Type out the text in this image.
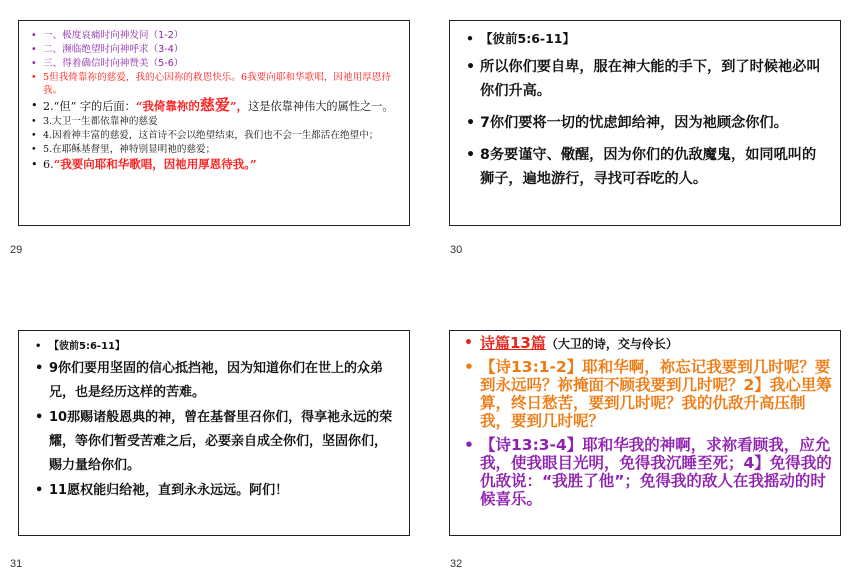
• 一、极度哀痛时向神发问（1-2）
• 二、濒临绝望时向神呼求（3-4）
• 三、得着确信时向神赞美（5-6）
• 5但我倚靠祢的慈爱，我的心因祢的救恩快乐。6我要向耶和华歌唱，因祂用厚恩待我。
• 2.“但” 字的后面：“我倚靠祢的慈爱”，这是依靠神伟大的属性之一。
• 3.大卫一生都依靠神的慈爱
• 4.因着神丰富的慈爱，这首诗不会以绝望结束，我们也不会一生都活在绝望中；
• 5.在耶稣基督里，神特别显明祂的慈爱；
• 6.“我要向耶和华歌唱，因祂用厚恩待我。”
29
• 【彼前5:6-11】
• 所以你们要自卑，服在神大能的手下，到了时候祂必叫你们升高。
• 7你们要将一切的忧虑卸给神，因为祂顾念你们。
• 8务要谨守、儆醒，因为你们的仇敌魔鬼，如同吼叫的狮子，遍地游行，寻找可吞吃的人。
30
• 【彼前5:6-11】
• 9你们要用坚固的信心抵挡祂，因为知道你们在世上的众弟兄，也是经历这样的苦难。
• 10那赐诸般恩典的神，曾在基督里召你们，得享祂永远的荣耀，等你们暂受苦难之后，必要亲自成全你们，坚固你们，赐力量给你们。
• 11愿权能归给祂，直到永永远远。阿们！
31
• 诗篇13篇（大卫的诗，交与伶长）
• 【诗13:1-2】耶和华啊，祢忘记我要到几时呢？要到永远吗？祢掩面不顾我要到几时呢？2】我心里筹算，终日愁苦，要到几时呢？我的仇敌升高压制我，要到几时呢？
• 【诗13:3-4】耶和华我的神啊，求祢看顾我，应允我，使我眼目光明，免得我沉睡至死；4】免得我的仇敌说：“我胜了他”；免得我的敌人在我摇动的时候喜乐。
32
